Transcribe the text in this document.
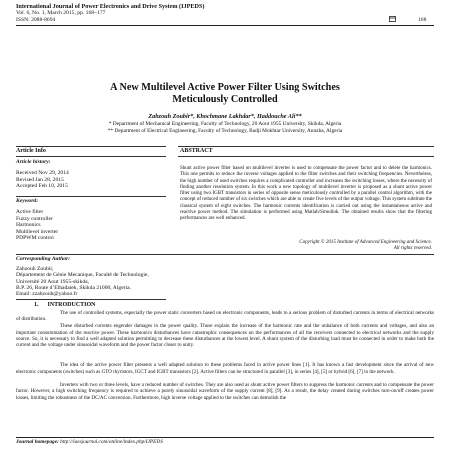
International Journal of Power Electronics and Drive System (IJPEDS)
Vol. 6, No. 1, March 2015, pp. 168~177
ISSN: 2088-8694	168
A New Multilevel Active Power Filter Using Switches
Meticulously Controlled
Zahzouh Zoubir*, Khochmane Lakhdar*, Haddouche Ali**
* Department of Mechanical Engineering, Faculty of Technology, 20 Aout 1955 University, Skikda, Algeria
** Department of Electrical Engineering, Faculty of Technology, Badji Mokhtar University, Annaba, Algeria
Article Info	ABSTRACT
Article history:
Received Nov 29, 2014
Revised Jan 28, 2015
Accepted Feb 10, 2015
Keyword:
Active filter
Fuzzy controller
Harmonics
Multilevel inverter
PDPWM control
Shunt active power filter based on multilevel inverter is used to compensate the power factor and to delete the harmonics. This one permits to reduce the inverse voltages applied to the filter switches and their switching frequencies. Nevertheless, the high number of used switches requires a complicated controller and increases the switching losses, where the necessity of finding another resolution system. In this work a new topology of multilevel inverter is proposed as a shunt active power filter using two IGBT transistors in series of opposite sense meticulously controlled by a parallel control algorithm, with the concept of reduced number of six switches which are able to create five levels of the output voltage. This system subtitute the classical system of eight switches. The harmonic currents identification is carried out using the instantaneous active and reactive power method. The simulation is performed using Matlab/Simulink. The obtained results show that the filtering performances are well enhanced.
Copyright © 2015 Institute of Advanced Engineering and Science.
All rights reserved.
Corresponding Author:
Zahzouh Zoubir,
Département de Génie Mecanique, Faculté de Technologie,
Université 20 Aout 1955-skikda,
B.P. 26, Route d’Elhadaiek, Skikda 21000, Algeria.
Email: zzahzouh@yahoo.fr
1.      INTRODUCTION
The use of controlled systems, especially the power static converters based on electronic components, leads to a serious problem of disturbed currents in terms of electrical networks of distribution.
These disturbed currents engender damages in the power quality. Those explain the increase of the harmonic rate and the unbalance of both currents and voltages, and also an important consummation of the reactive power. These harmonics disturbances have catastrophic consequences on the performances of all the receivers connected to electrical networks and the supply source. So, it is necessary to find a well adapted solution permitting to decrease these disturbances at the lowest level. A shunt system of the disturbing load must be connected in order to make both the current and the voltage under sinusoidal waveform and the power factor closer to unity.
The idea of the active power filter presents a well adapted solution to these problems faced in active power lines [1]. It has known a fast development since the arrival of new electronic components (switches) such as GTO thyristors, IGCT and IGBT transistors [2]. Active filters can be structured in parallel [3], in series [4], [5] or hybrid [6], [7] in the network.
Inverters with two or three levels, have a reduced number of switches. They are also used as shunt active power filters to suppress the harmonic currents and to compensate the power factor. However, a high switching frequency is required to achieve a purely sinusoidal waveform of the supply current [8], [9]. As a result, the delay created during switches turn-on/off creates power losses, limiting the robustness of the DC/AC conversion. Furthermore, high inverse voltage applied to the switches can demolish the
Journal homepage: http://iaesjournal.com/online/index.php/IJPEDS
